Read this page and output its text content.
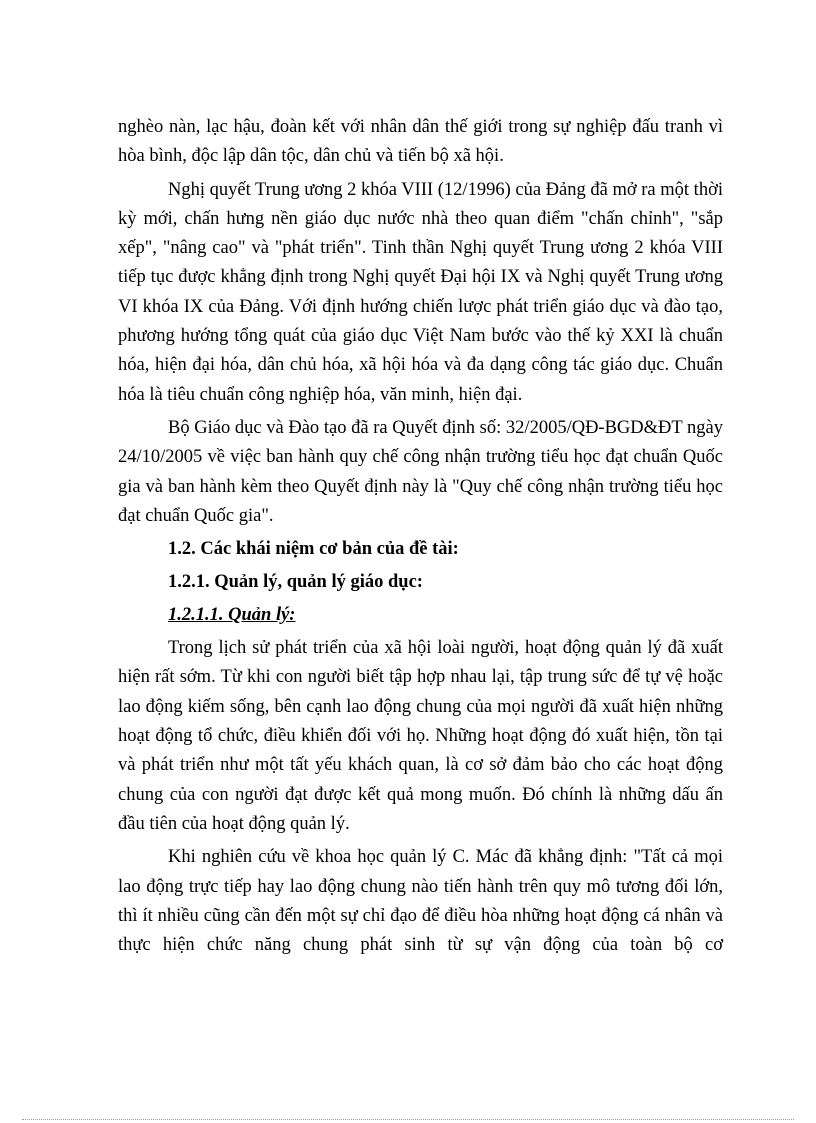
nghèo nàn, lạc hậu, đoàn kết với nhân dân thế giới trong sự nghiệp đấu tranh vì hòa bình, độc lập dân tộc, dân chủ và tiến bộ xã hội.

Nghị quyết Trung ương 2 khóa VIII (12/1996) của Đảng đã mở ra một thời kỳ mới, chấn hưng nền giáo dục nước nhà theo quan điểm "chấn chỉnh", "sắp xếp", "nâng cao" và "phát triển". Tinh thần Nghị quyết Trung ương 2 khóa VIII tiếp tục được khẳng định trong Nghị quyết Đại hội IX và Nghị quyết Trung ương VI khóa IX của Đảng. Với định hướng chiến lược phát triển giáo dục và đào tạo, phương hướng tổng quát của giáo dục Việt Nam bước vào thế kỷ XXI là chuẩn hóa, hiện đại hóa, dân chủ hóa, xã hội hóa và đa dạng công tác giáo dục. Chuẩn hóa là tiêu chuẩn công nghiệp hóa, văn minh, hiện đại.

Bộ Giáo dục và Đào tạo đã ra Quyết định số: 32/2005/QĐ-BGD&ĐT ngày 24/10/2005 về việc ban hành quy chế công nhận trường tiểu học đạt chuẩn Quốc gia và ban hành kèm theo Quyết định này là "Quy chế công nhận trường tiểu học đạt chuẩn Quốc gia".

1.2. Các khái niệm cơ bản của đề tài:

1.2.1. Quản lý, quản lý giáo dục:

1.2.1.1. Quản lý:

Trong lịch sử phát triển của xã hội loài người, hoạt động quản lý đã xuất hiện rất sớm. Từ khi con người biết tập hợp nhau lại, tập trung sức để tự vệ hoặc lao động kiếm sống, bên cạnh lao động chung của mọi người đã xuất hiện những hoạt động tổ chức, điều khiển đối với họ. Những hoạt động đó xuất hiện, tồn tại và phát triển như một tất yếu khách quan, là cơ sở đảm bảo cho các hoạt động chung của con người đạt được kết quả mong muốn. Đó chính là những dấu ấn đầu tiên của hoạt động quản lý.

Khi nghiên cứu về khoa học quản lý C. Mác đã khẳng định: "Tất cả mọi lao động trực tiếp hay lao động chung nào tiến hành trên quy mô tương đối lớn, thì ít nhiều cũng cần đến một sự chỉ đạo để điều hòa những hoạt động cá nhân và thực hiện chức năng chung phát sinh từ sự vận động của toàn bộ cơ
